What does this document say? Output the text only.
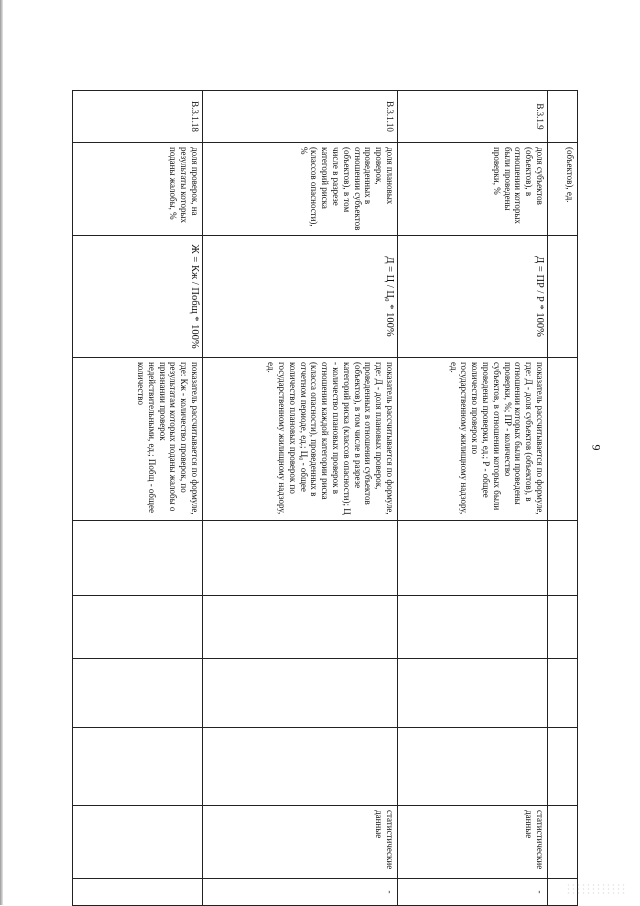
9
	(объектов), ед.								
В.3.1.9	доля субъектов (объектов), в отношении которых были проведены проверки, %	Д = ПР / Р * 100%	показатель рассчитывается по формуле, где: Д - доля субъектов (объектов), в отношении которых были проведены проверки, %; ПР - количество субъектов, в отношении которых были проведены проверки, ед.; Р - общее количество проверок по государственному жилищному надзору, ед.					статистические данные	-
В.3.1.10	доля плановых проверок, проведенных в отношении субъектов (объектов), в том числе в разрезе категорий риска (классов опасности), %	Д = Ц / Ц₀ * 100%	показатель рассчитывается по формуле, где: Д - доля плановых проверок, проведенных в отношении субъектов (объектов), в том числе в разрезе категорий риска (классов опасности); Ц - количество плановых проверок в отношении каждой категории риска (класса опасности), проведенных в отчетном периоде, ед.; Ц₀ - общее количество плановых проверок по государственному жилищному надзору, ед.					статистические данные	-
В.3.1.18	доля проверок, на результаты которых поданы жалобы, %	Ж = Кж / Побщ * 100%	показатель рассчитывается по формуле, где: Кж - количество проверок, по результатам которых поданы жалобы о признании проверок недействительными, ед.; Побщ - общее количество						
